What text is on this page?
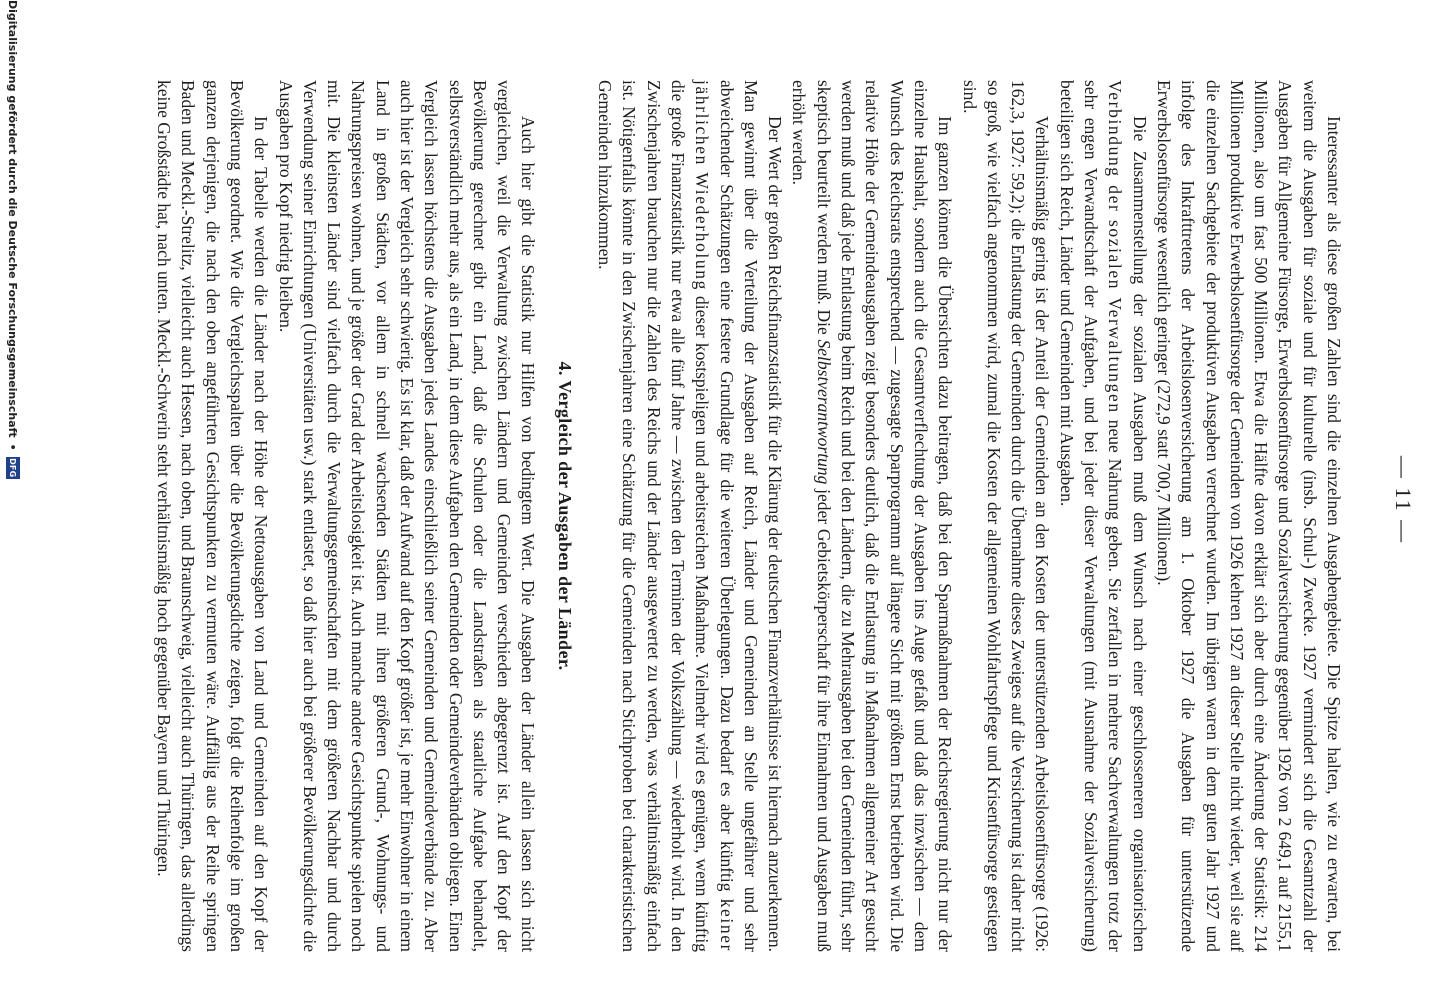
— 11 —

Interessanter als diese großen Zahlen sind die einzelnen Ausgabengebiete. Die Spitze halten, wie zu erwarten, bei weitem die Ausgaben für soziale und für kulturelle (insb. Schul-) Zwecke. 1927 vermindert sich die Gesamtzahl der Ausgaben für Allgemeine Fürsorge, Erwerbslosenfürsorge und Sozialversicherung gegenüber 1926 von 2 649,1 auf 2155,1 Millionen, also um fast 500 Millionen. Etwa die Hälfte davon erklärt sich aber durch eine Änderung der Statistik: 214 Millionen produktive Erwerbslosenfürsorge der Gemeinden von 1926 kehren 1927 an dieser Stelle nicht wieder, weil sie auf die einzelnen Sachgebiete der produktiven Ausgaben verrechnet wurden. Im übrigen waren in dem guten Jahr 1927 und infolge des Inkrafttretens der Arbeitslosenversicherung am 1. Oktober 1927 die Ausgaben für unterstützende Erwerbslosenfürsorge wesentlich geringer (272,9 statt 700,7 Millionen).

Die Zusammenstellung der sozialen Ausgaben muß dem Wunsch nach einer geschlosseneren organisatorischen Verbindung der sozialen Verwaltungen neue Nahrung geben. Sie zerfallen in mehrere Sachverwaltungen trotz der sehr engen Verwandtschaft der Aufgaben, und bei jeder dieser Verwaltungen (mit Ausnahme der Sozialversicherung) beteiligen sich Reich, Länder und Gemeinden mit Ausgaben.

Verhältnismäßig gering ist der Anteil der Gemeinden an den Kosten der unterstützenden Arbeitslosenfürsorge (1926: 162,3, 1927: 59,2); die Entlastung der Gemeinden durch die Übernahme dieses Zweiges auf die Versicherung ist daher nicht so groß, wie vielfach angenommen wird, zumal die Kosten der allgemeinen Wohlfahrtspflege und Krisenfürsorge gestiegen sind.

Im ganzen können die Übersichten dazu beitragen, daß bei den Sparmaßnahmen der Reichsregierung nicht nur der einzelne Haushalt, sondern auch die Gesamtverflechtung der Ausgaben ins Auge gefaßt und daß das inzwischen — dem Wunsch des Reichsrats entsprechend — zugesagte Sparprogramm auf längere Sicht mit größtem Ernst betrieben wird. Die relative Höhe der Gemeindeausgaben zeigt besonders deutlich, daß die Entlastung in Maßnahmen allgemeiner Art gesucht werden muß und daß jede Entlastung beim Reich und bei den Ländern, die zu Mehrausgaben bei den Gemeinden führt, sehr skeptisch beurteilt werden muß. Die Selbstverantwortung jeder Gebietskörperschaft für ihre Einnahmen und Ausgaben muß erhöht werden.

Der Wert der großen Reichsfinanzstatistik für die Klärung der deutschen Finanzverhältnisse ist hiernach anzuerkennen. Man gewinnt über die Verteilung der Ausgaben auf Reich, Länder und Gemeinden an Stelle ungefährer und sehr abweichender Schätzungen eine festere Grundlage für die weiteren Überlegungen. Dazu bedarf es aber künftig keiner jährlichen Wiederholung dieser kostspieligen und arbeitsreichen Maßnahme. Vielmehr wird es genügen, wenn künftig die große Finanzstatistik nur etwa alle fünf Jahre — zwischen den Terminen der Volkszählung — wiederholt wird. In den Zwischenjahren brauchen nur die Zahlen des Reichs und der Länder ausgewertet zu werden, was verhältnismäßig einfach ist. Nötigenfalls könnte in den Zwischenjahren eine Schätzung für die Gemeinden nach Stichproben bei charakteristischen Gemeinden hinzukommen.

4. Vergleich der Ausgaben der Länder.

Auch hier gibt die Statistik nur Hilfen von bedingtem Wert. Die Ausgaben der Länder allein lassen sich nicht vergleichen, weil die Verwaltung zwischen Ländern und Gemeinden verschieden abgegrenzt ist. Auf den Kopf der Bevölkerung gerechnet gibt ein Land, daß die Schulen oder die Landstraßen als staatliche Aufgabe behandelt, selbstverständlich mehr aus, als ein Land, in dem diese Aufgaben den Gemeinden oder Gemeindeverbänden obliegen. Einen Vergleich lassen höchstens die Ausgaben jedes Landes einschließlich seiner Gemeinden und Gemeindeverbände zu. Aber auch hier ist der Vergleich sehr schwierig. Es ist klar, daß der Aufwand auf den Kopf größer ist, je mehr Einwohner in einem Land in großen Städten, vor allem in schnell wachsenden Städten mit ihren größeren Grund-, Wohnungs- und Nahrungspreisen wohnen, und je größer der Grad der Arbeitslosigkeit ist. Auch manche andere Gesichtspunkte spielen noch mit. Die kleinsten Länder sind vielfach durch die Verwaltungsgemeinschaften mit dem größeren Nachbar und durch Verwendung seiner Einrichtungen (Universitäten usw.) stark entlastet, so daß hier auch bei größerer Bevölkerungsdichte die Ausgaben pro Kopf niedrig bleiben.

In der Tabelle werden die Länder nach der Höhe der Nettoausgaben von Land und Gemeinden auf den Kopf der Bevölkerung geordnet. Wie die Vergleichsspalten über die Bevölkerungsdichte zeigen, folgt die Reihenfolge im großen ganzen derjenigen, die nach den oben angeführten Gesichtspunkten zu vermuten wäre. Auffällig aus der Reihe springen Baden und Meckl.-Strelitz, vielleicht auch Hessen, nach oben, und Braunschweig, vielleicht auch Thüringen, das allerdings keine Großstädte hat, nach unten. Meckl.-Schwerin steht verhältnismäßig hoch gegenüber Bayern und Thüringen.

Digitalisierung gefördert durch die Deutsche Forschungsgemeinschaft
•
DFG
